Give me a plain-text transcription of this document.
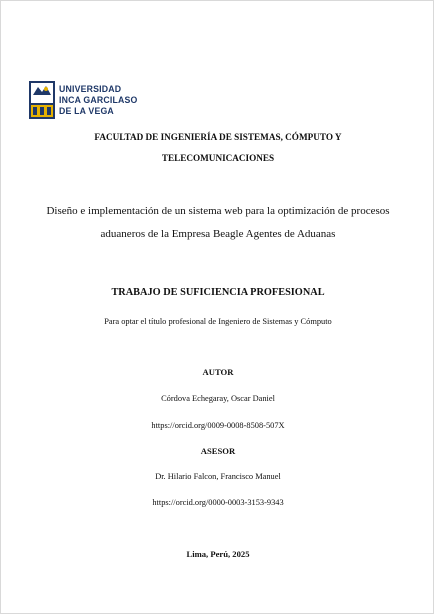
UNIVERSIDAD
INCA GARCILASO
DE LA VEGA
FACULTAD DE INGENIERÍA DE SISTEMAS, CÓMPUTO Y
TELECOMUNICACIONES
Diseño e implementación de un sistema web para la optimización de procesos
aduaneros de la Empresa Beagle Agentes de Aduanas
TRABAJO DE SUFICIENCIA PROFESIONAL
Para optar el título profesional de Ingeniero de Sistemas y Cómputo
AUTOR
Córdova Echegaray, Oscar Daniel
https://orcid.org/0009-0008-8508-507X
ASESOR
Dr. Hilario Falcon, Francisco Manuel
https://orcid.org/0000-0003-3153-9343
Lima, Perú, 2025
